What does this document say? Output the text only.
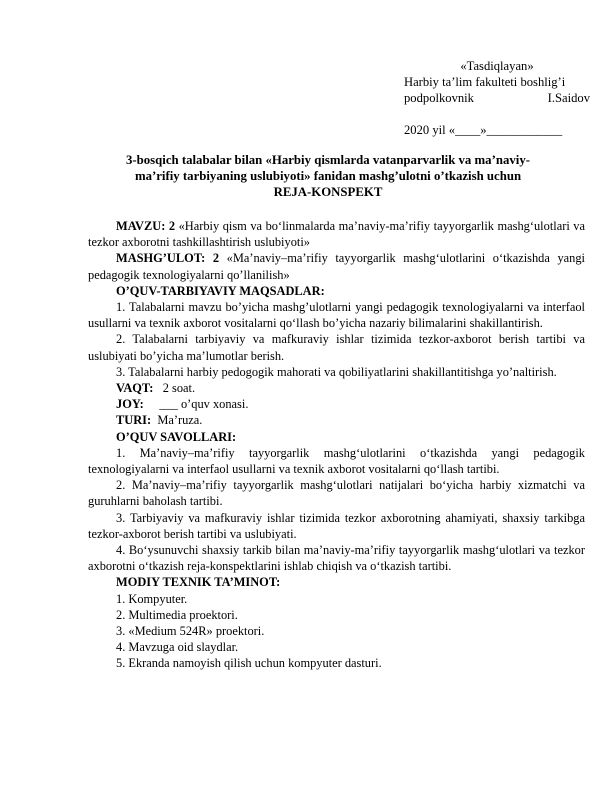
«Tasdiqlayan»
Harbiy ta’lim fakulteti boshlig’i
podpolkovnik	I.Saidov
2020 yil «____»____________
3-bosqich talabalar bilan «Harbiy qismlarda vatanparvarlik va ma’naviy-
ma’rifiy tarbiyaning uslubiyoti» fanidan mashg’ulotni o’tkazish uchun
REJA-KONSPEKT

MAVZU: 2 «Harbiy qism va bo‘linmalarda ma’naviy-ma’rifiy tayyorgarlik mashg‘ulotlari va tezkor axborotni tashkillashtirish uslubiyoti»

MASHG’ULOT: 2 «Ma’naviy–ma’rifiy tayyorgarlik mashg‘ulotlarini o‘tkazishda yangi pedagogik texnologiyalarni qo’llanilish»

O’QUV-TARBIYAVIY MAQSADLAR:

1. Talabalarni mavzu bo’yicha mashg’ulotlarni yangi pedagogik texnologiyalarni va interfaol usullarni va texnik axborot vositalarni qo‘llash bo’yicha nazariy bilimalarini shakillantirish.

2. Talabalarni tarbiyaviy va mafkuraviy ishlar tizimida tezkor-axborot berish tartibi va uslubiyati bo’yicha ma’lumotlar berish.

3. Talabalarni harbiy pedogogik mahorati va qobiliyatlarini shakillantitishga yo’naltirish.

VAQT: 2 soat.

JOY: ___ o’quv xonasi.

TURI: Ma’ruza.

O’QUV SAVOLLARI:

1. Ma’naviy–ma’rifiy tayyorgarlik mashg‘ulotlarini o‘tkazishda yangi pedagogik texnologiyalarni va interfaol usullarni va texnik axborot vositalarni qo‘llash tartibi.

2. Ma’naviy–ma’rifiy tayyorgarlik mashg‘ulotlari natijalari bo‘yicha harbiy xizmatchi va guruhlarni baholash tartibi.

3. Tarbiyaviy va mafkuraviy ishlar tizimida tezkor axborotning ahamiyati, shaxsiy tarkibga tezkor-axborot berish tartibi va uslubiyati.

4. Bo‘ysunuvchi shaxsiy tarkib bilan ma’naviy-ma’rifiy tayyorgarlik mashg‘ulotlari va tezkor axborotni o‘tkazish reja-konspektlarini ishlab chiqish va o‘tkazish tartibi.

MODIY TEXNIK TA’MINOT:

1. Kompyuter.

2. Multimedia proektori.

3. «Medium 524R» proektori.

4. Mavzuga oid slaydlar.

5. Ekranda namoyish qilish uchun kompyuter dasturi.
